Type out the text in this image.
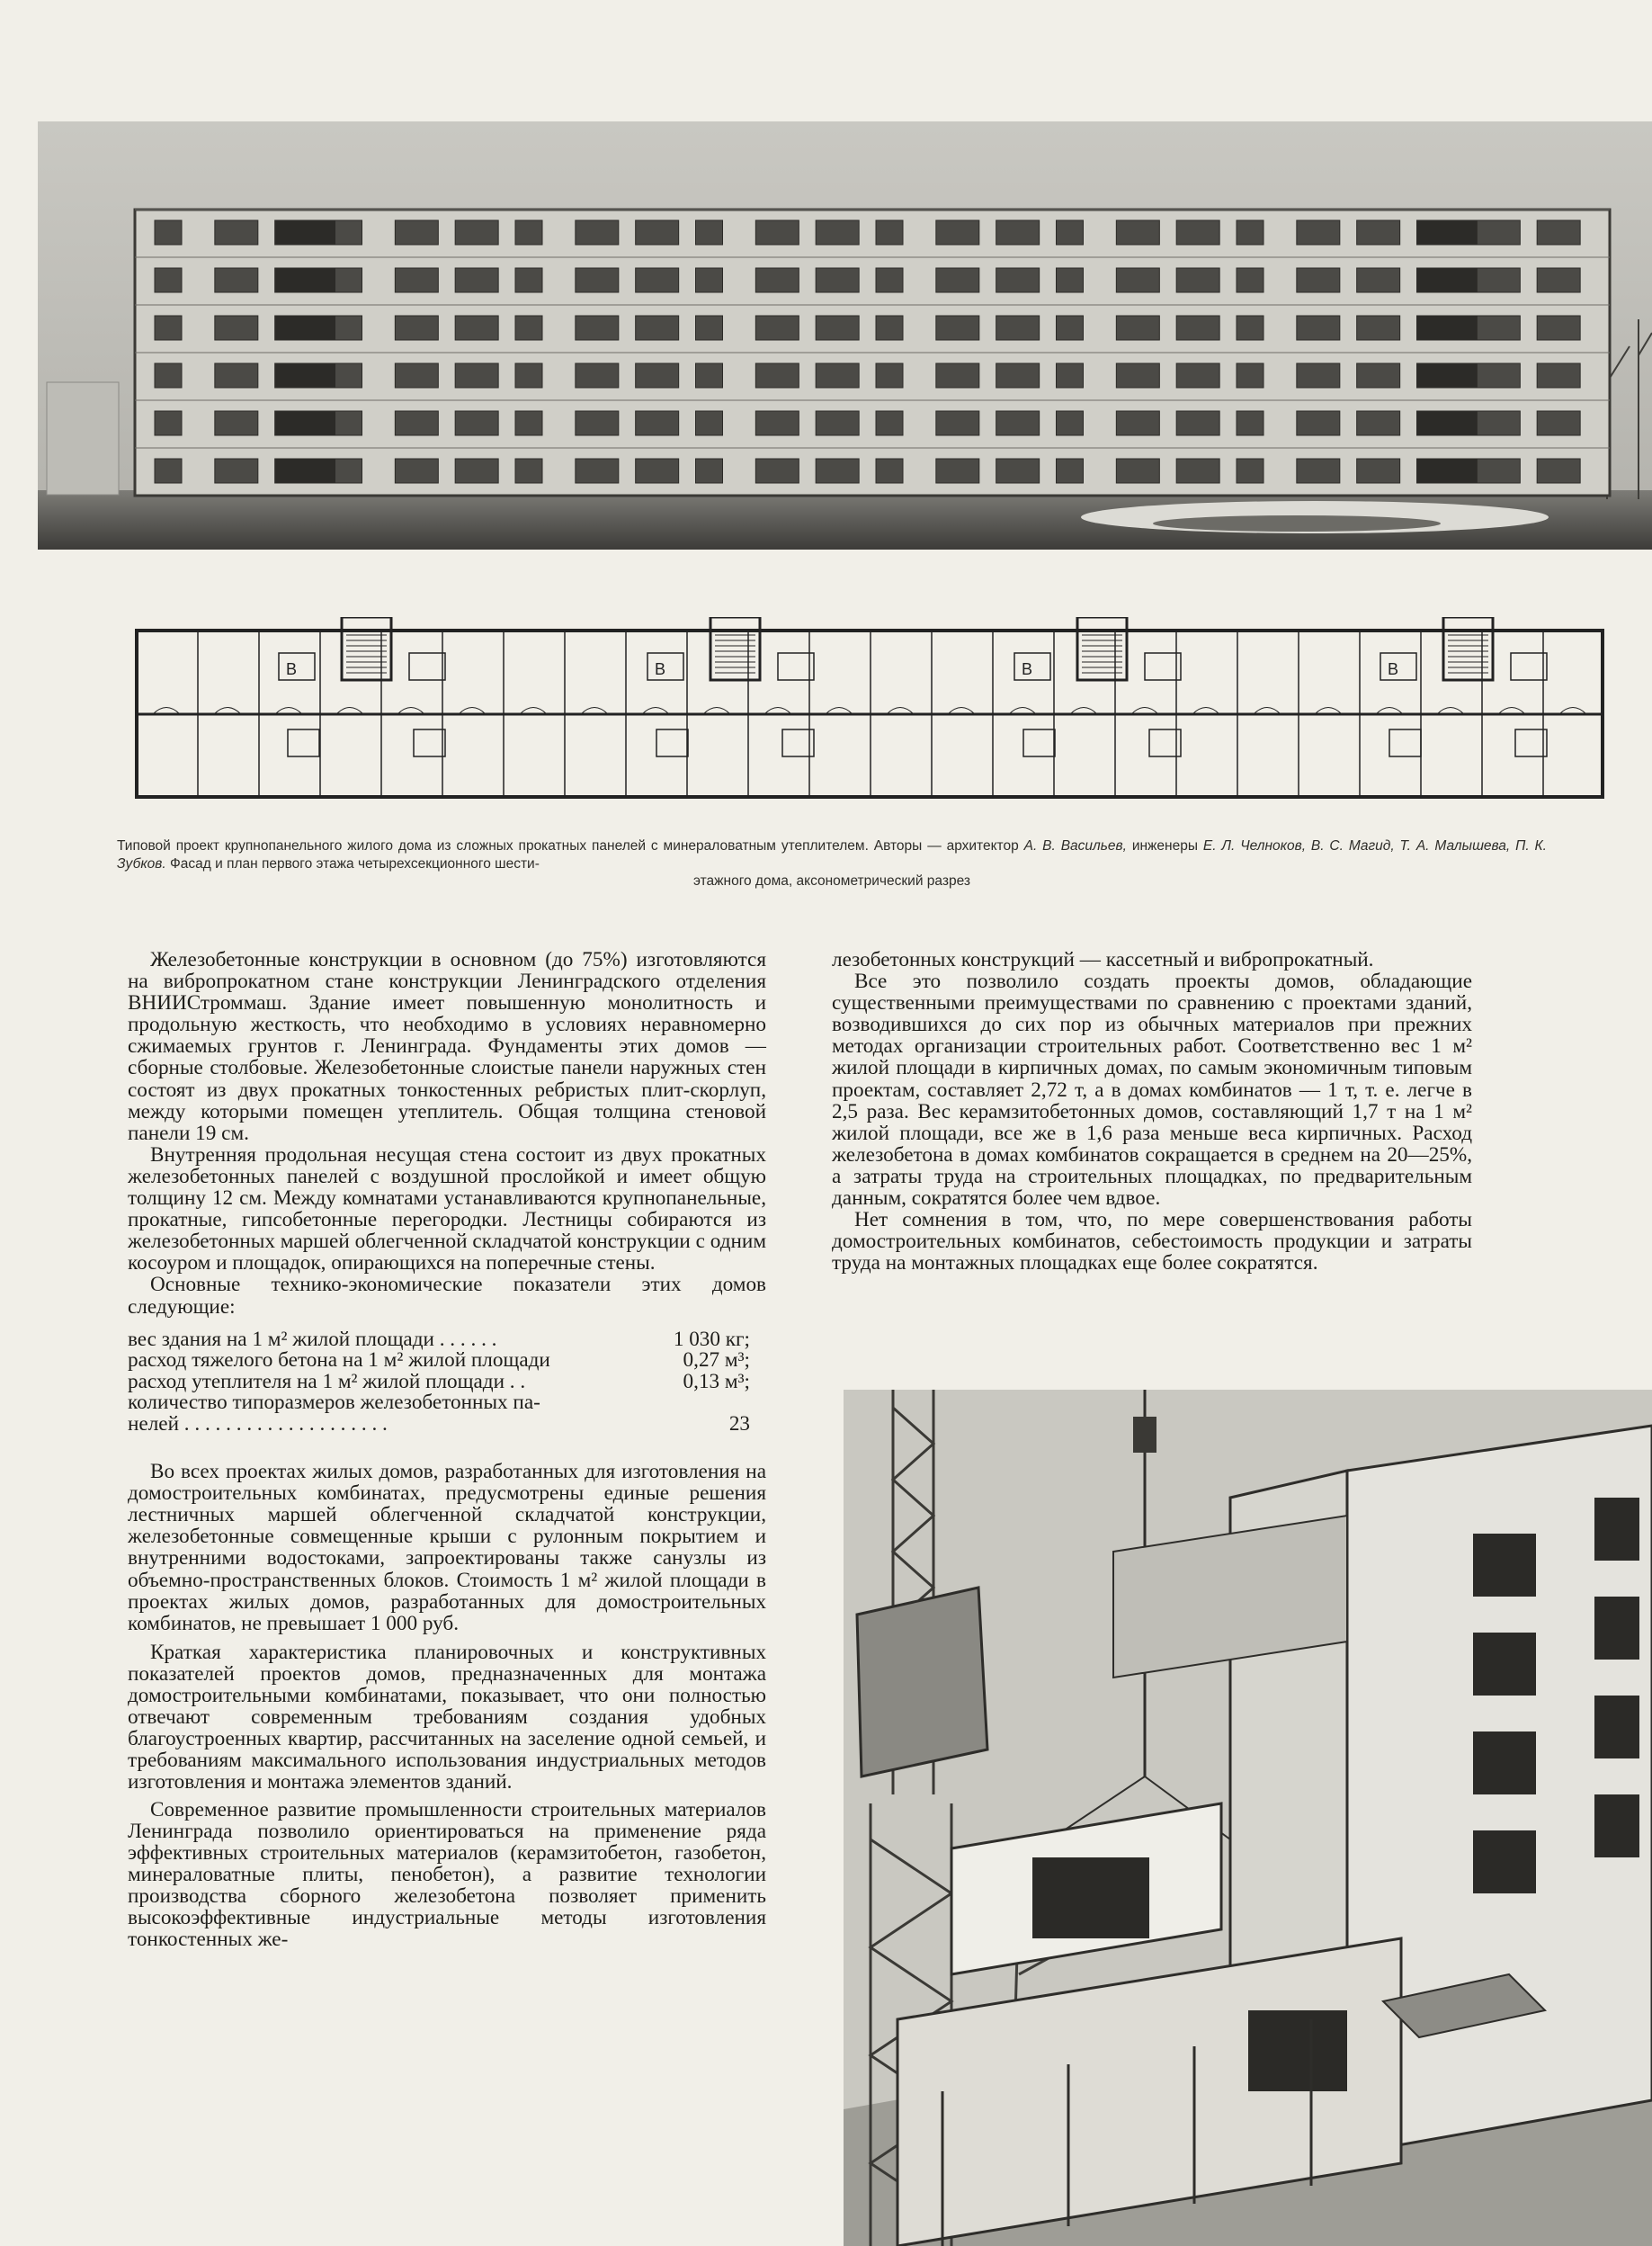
В	В	В	В
Типовой проект крупнопанельного жилого дома из сложных прокатных панелей с минераловатным утеплителем. Авторы — архитектор А. В. Васильев, инженеры Е. Л. Челноков, В. С. Магид, Т. А. Малышева, П. К. Зубков. Фасад и план первого этажа четырехсекционного шести-
этажного дома, аксонометрический разрез

Железобетонные конструкции в основном (до 75%) изготовляются на вибропрокатном стане конструкции Ленинградского отделения ВНИИСтроммаш. Здание имеет повышенную монолитность и продольную жесткость, что необходимо в условиях неравномерно сжимаемых грунтов г. Ленинграда. Фундаменты этих домов — сборные столбовые. Железобетонные слоистые панели наружных стен состоят из двух прокатных тонкостенных ребристых плит-скорлуп, между которыми помещен утеплитель. Общая толщина стеновой панели 19 см.

Внутренняя продольная несущая стена состоит из двух прокатных железобетонных панелей с воздушной прослойкой и имеет общую толщину 12 см. Между комнатами устанавливаются крупнопанельные, прокатные, гипсобетонные перегородки. Лестницы собираются из железобетонных маршей облегченной складчатой конструкции с одним косоуром и площадок, опирающихся на поперечные стены.

Основные технико-экономические показатели этих домов следующие:

вес здания на 1 м² жилой площади . . . . . .	1 030 кг;
расход тяжелого бетона на 1 м² жилой площади	0,27 м³;
расход утеплителя на 1 м² жилой площади . .	0,13 м³;
количество типоразмеров железобетонных па-	
нелей . . . . . . . . . . . . . . . . . . . .	23

Во всех проектах жилых домов, разработанных для изготовления на домостроительных комбинатах, предусмотрены единые решения лестничных маршей облегченной складчатой конструкции, железобетонные совмещенные крыши с рулонным покрытием и внутренними водостоками, запроектированы также санузлы из объемно-пространственных блоков. Стоимость 1 м² жилой площади в проектах жилых домов, разработанных для домостроительных комбинатов, не превышает 1 000 руб.

Краткая характеристика планировочных и конструктивных показателей проектов домов, предназначенных для монтажа домостроительными комбинатами, показывает, что они полностью отвечают современным требованиям создания удобных благоустроенных квартир, рассчитанных на заселение одной семьей, и требованиям максимального использования индустриальных методов изготовления и монтажа элементов зданий.

Современное развитие промышленности строительных материалов Ленинграда позволило ориентироваться на применение ряда эффективных строительных материалов (керамзитобетон, газобетон, минераловатные плиты, пенобетон), а развитие технологии производства сборного железобетона позволяет применить высокоэффективные индустриальные методы изготовления тонкостенных же-

лезобетонных конструкций — кассетный и вибропрокатный.

Все это позволило создать проекты домов, обладающие существенными преимуществами по сравнению с проектами зданий, возводившихся до сих пор из обычных материалов при прежних методах организации строительных работ. Соответственно вес 1 м² жилой площади в кирпичных домах, по самым экономичным типовым проектам, составляет 2,72 т, а в домах комбинатов — 1 т, т. е. легче в 2,5 раза. Вес керамзитобетонных домов, составляющий 1,7 т на 1 м² жилой площади, все же в 1,6 раза меньше веса кирпичных. Расход железобетона в домах комбинатов сокращается в среднем на 20—25%, а затраты труда на строительных площадках, по предварительным данным, сократятся более чем вдвое.

Нет сомнения в том, что, по мере совершенствования работы домостроительных комбинатов, себестоимость продукции и затраты труда на монтажных площадках еще более сократятся.
